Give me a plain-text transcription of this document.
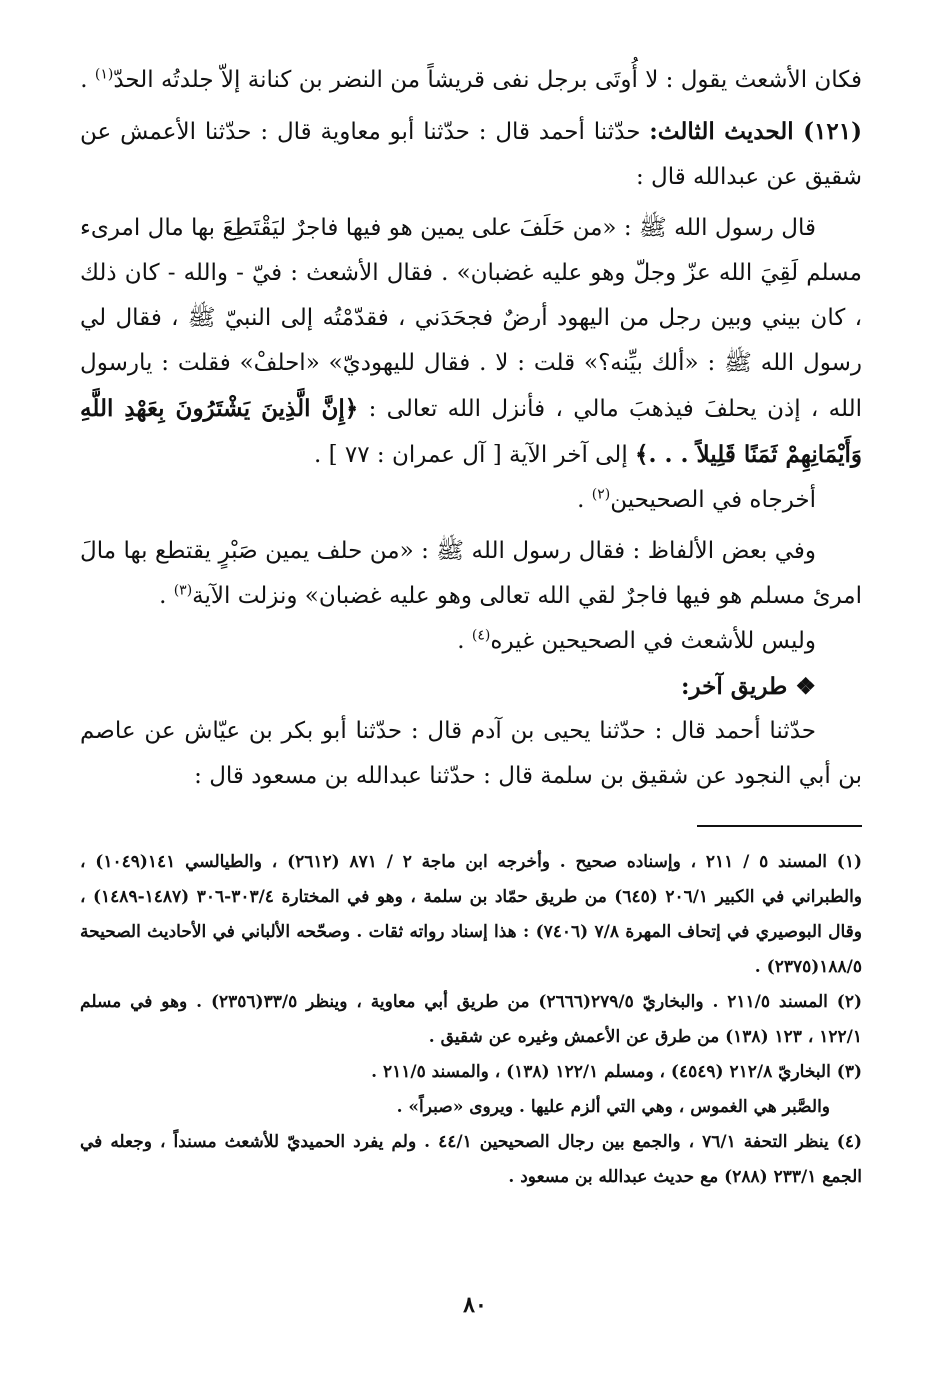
فكان الأشعث يقول : لا أُوتَى برجل نفى قريشاً من النضر بن كنانة إلاّ جلدتُه الحدّ$^{(١)}$ .

(١٢١) الحديث الثالث: حدّثنا أحمد قال : حدّثنا أبو معاوية قال : حدّثنا الأعمش عن شقيق عن عبدالله قال :

قال رسول الله ﷺ : «من حَلَفَ على يمين هو فيها فاجرٌ ليَقْتَطِعَ بها مال امرىء مسلم لَقِيَ الله عزّ وجلّ وهو عليه غضبان» . فقال الأشعث : فيّ - والله - كان ذلك ، كان بيني وبين رجل من اليهود أرضٌ فجحَدَني ، فقدّمْتُه إلى النبيّ ﷺ ، فقال لي رسول الله ﷺ : «ألك بيِّنه؟» قلت : لا . فقال لليهوديّ» «احلفْ» فقلت : يارسول الله ، إذن يحلفَ فيذهبَ مالي ، فأنزل الله تعالى : ﴿إِنَّ الَّذِينَ يَشْتَرُونَ بِعَهْدِ اللَّهِ وَأَيْمَانِهِمْ ثَمَنًا قَلِيلاً . . .﴾ إلى آخر الآية [ آل عمران : ٧٧ ] .

أخرجاه في الصحيحين$^{(٢)}$ .

وفي بعض الألفاظ : فقال رسول الله ﷺ : «من حلف يمين صَبْرٍ يقتطع بها مالَ امرئ مسلم هو فيها فاجرٌ لقي الله تعالى وهو عليه غضبان» ونزلت الآية$^{(٣)}$ .

وليس للأشعث في الصحيحين غيره$^{(٤)}$ .

❖ طريق آخر:

حدّثنا أحمد قال : حدّثنا يحيى بن آدم قال : حدّثنا أبو بكر بن عيّاش عن عاصم بن أبي النجود عن شقيق بن سلمة قال : حدّثنا عبدالله بن مسعود قال :

(١) المسند ٥ / ٢١١ ، وإسناده صحيح . وأخرجه ابن ماجة ٢ / ٨٧١ (٢٦١٢) ، والطيالسي ١٤١(١٠٤٩) ، والطبراني في الكبير ٢٠٦/١ (٦٤٥) من طريق حمّاد بن سلمة ، وهو في المختارة ٣٠٣/٤-٣٠٦ (١٤٨٧-١٤٨٩) ، وقال البوصيري في إتحاف المهرة ٧/٨ (٧٤٠٦) : هذا إسناد رواته ثقات . وصحّحه الألباني في الأحاديث الصحيحة ١٨٨/٥(٢٣٧٥) .

(٢) المسند ٢١١/٥ . والبخاريّ ٢٧٩/٥(٢٦٦٦) من طريق أبي معاوية ، وينظر ٣٣/٥(٢٣٥٦) . وهو في مسلم ١٢٢/١ ، ١٢٣ (١٣٨) من طرق عن الأعمش وغيره عن شقيق .

(٣) البخاريّ ٢١٢/٨ (٤٥٤٩) ، ومسلم ١٢٢/١ (١٣٨) ، والمسند ٢١١/٥ .

والصَّبر هي الغموس ، وهي التي ألزم عليها . ويروى «صبراً» .

(٤) ينظر التحفة ٧٦/١ ، والجمع بين رجال الصحيحين ٤٤/١ . ولم يفرد الحميديّ للأشعث مسنداً ، وجعله في الجمع ٢٣٣/١ (٢٨٨) مع حديث عبدالله بن مسعود .

٨٠
